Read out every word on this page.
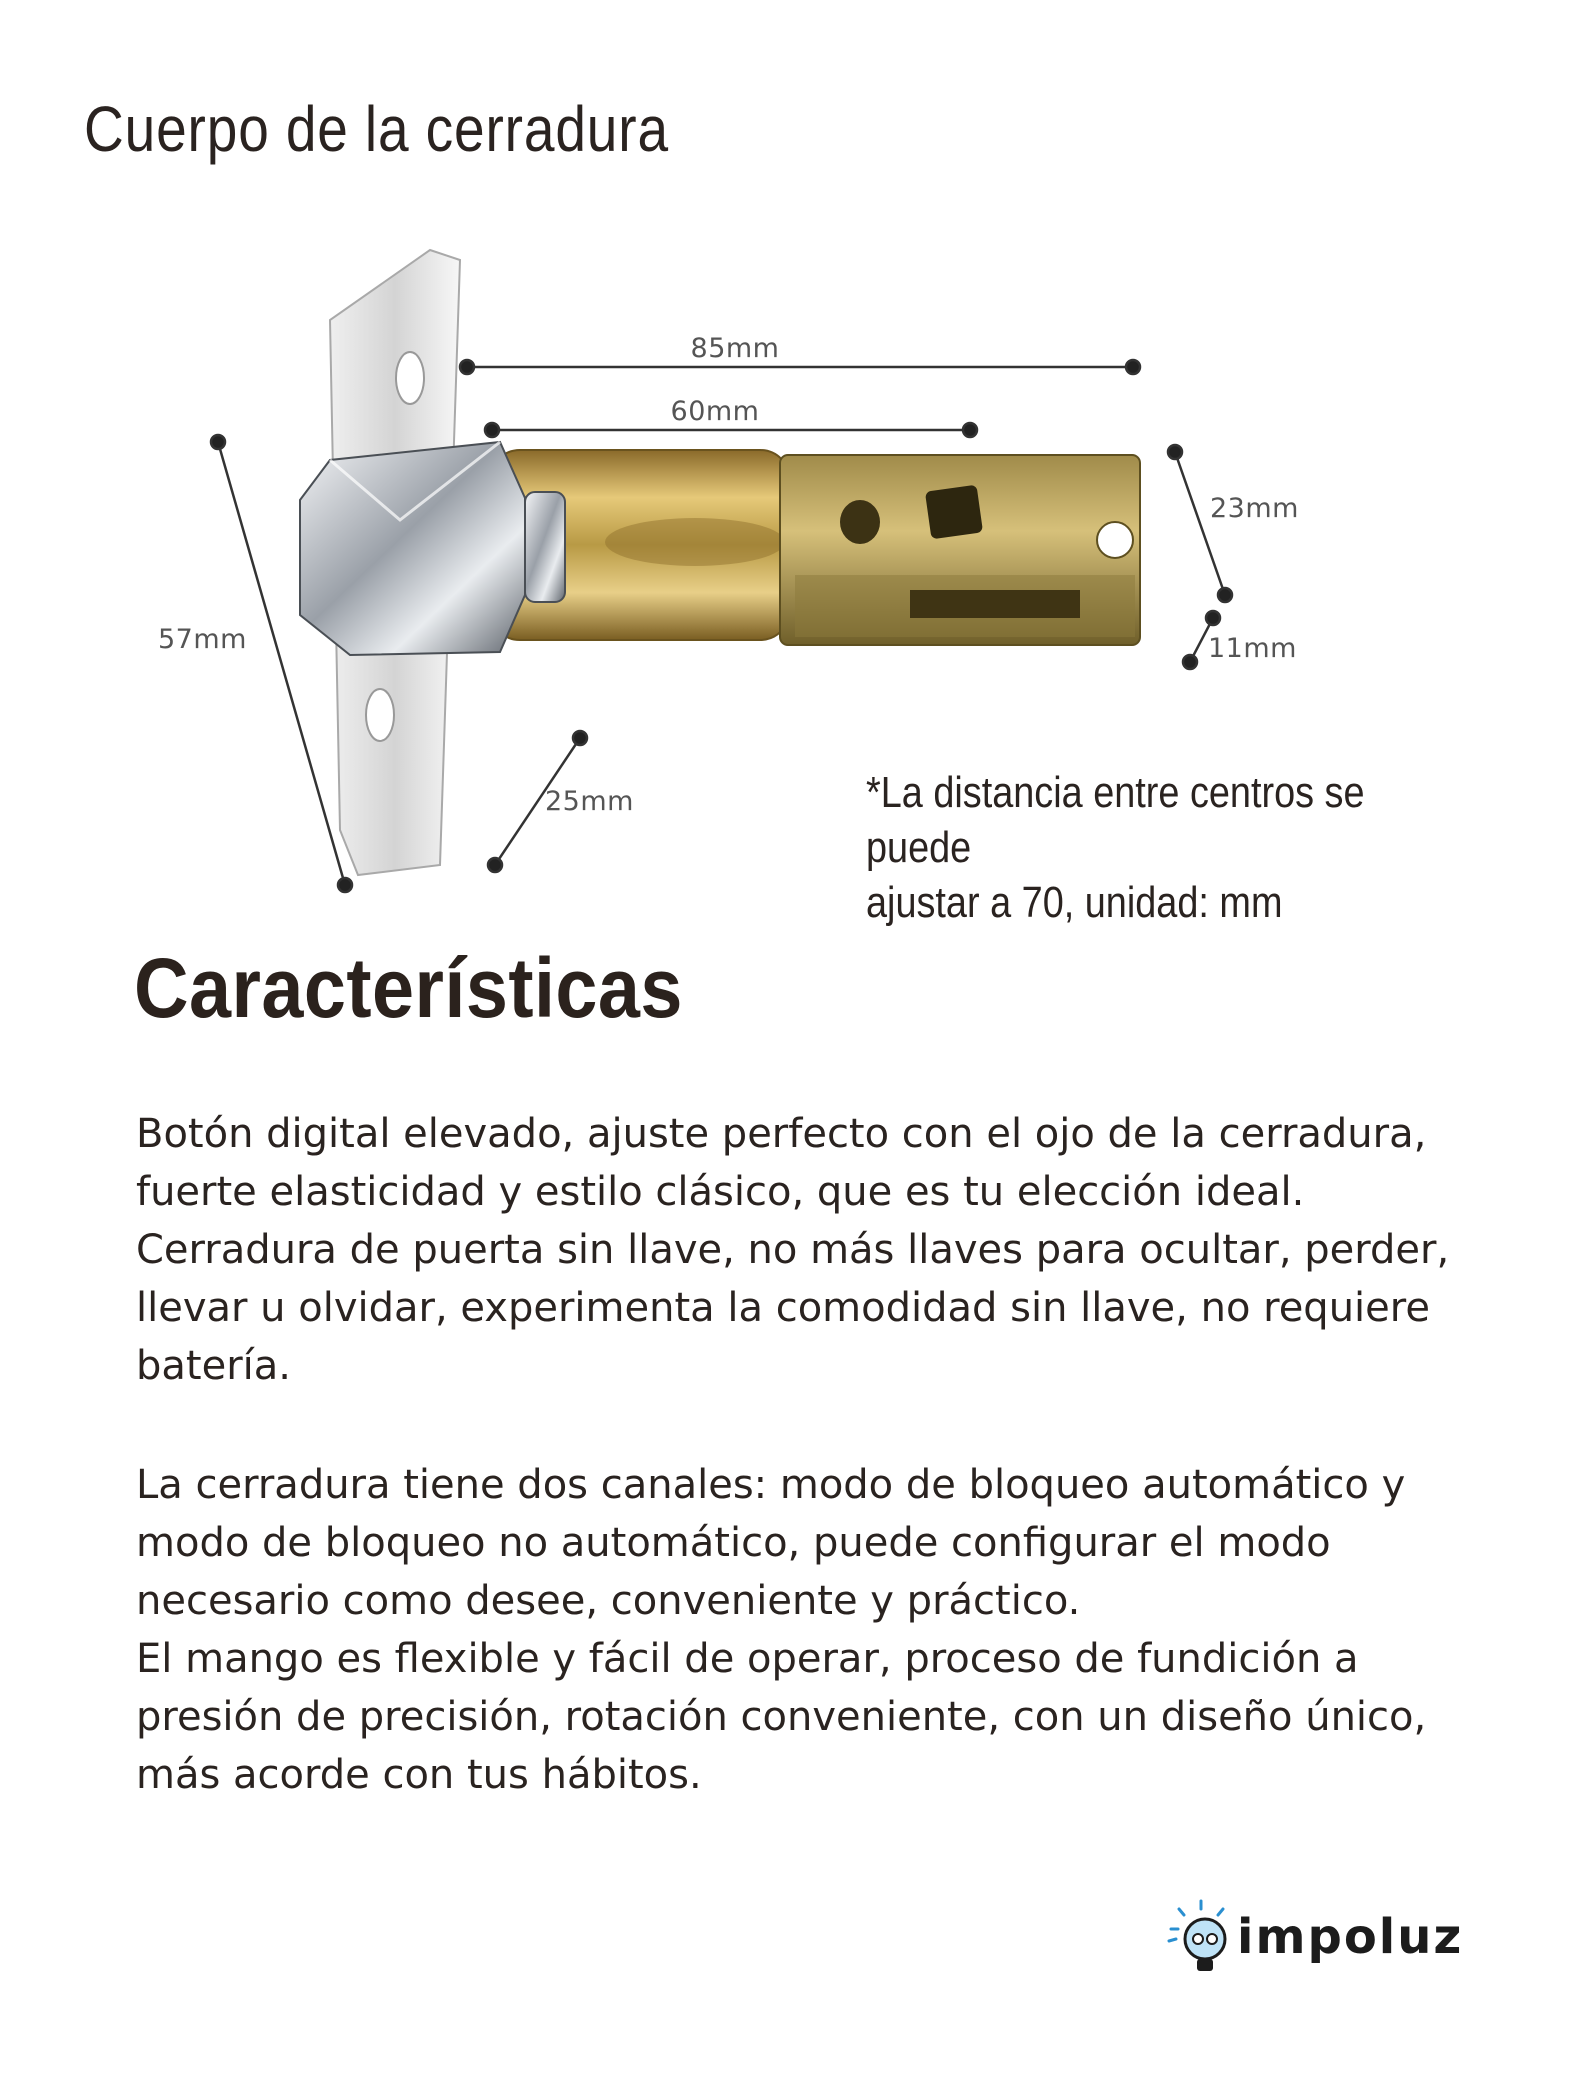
Cuerpo de la cerradura
85mm
60mm
23mm
11mm
57mm
25mm	*La distancia entre centros se puede
ajustar a 70, unidad: mm
Características

Botón digital elevado, ajuste perfecto con el ojo de la cerradura, fuerte elasticidad y estilo clásico, que es tu elección ideal. Cerradura de puerta sin llave, no más llaves para ocultar, perder, llevar u olvidar, experimenta la comodidad sin llave, no requiere batería.

La cerradura tiene dos canales: modo de bloqueo automático y modo de bloqueo no automático, puede configurar el modo necesario como desee, conveniente y práctico.

El mango es flexible y fácil de operar, proceso de fundición a presión de precisión, rotación conveniente, con un diseño único, más acorde con tus hábitos.

impoluz
